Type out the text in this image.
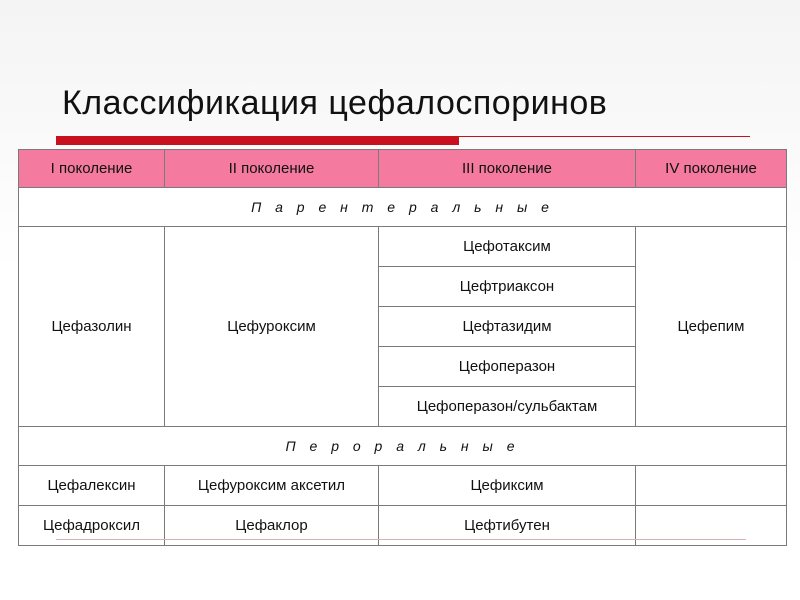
Классификация цефалоспоринов
I поколение	II поколение	III поколение	IV поколение
П а р е н т е р а л ь н ы е			
Цефазолин	Цефуроксим	Цефотаксим	Цефепим
		Цефтриаксон	
		Цефтазидим	
		Цефоперазон	
		Цефоперазон/сульбактам	
П е р о р а л ь н ы е			
Цефалексин	Цефуроксим аксетил	Цефиксим	
Цефадроксил	Цефаклор	Цефтибутен	
